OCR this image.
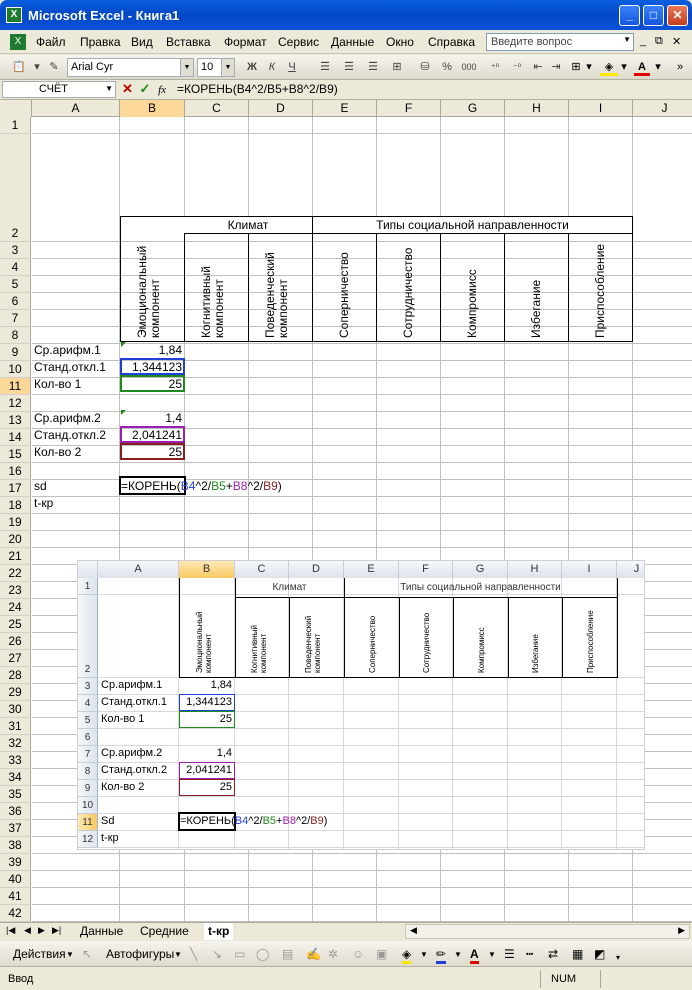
X Microsoft Excel - Книга1	_	□	✕
X	Файл Правка Вид Вставка Формат Сервис Данные Окно Справка	Введите вопрос	▼ _ ⧉ ✕
📋 ▾ ✎	Arial Cyr	▼ 10	▼ Ж	К	Ч	☰	☰	☰	⊞	⛁	%	000	⁺⁰	⁻⁰	⇤ ⇥ ⊞ ▾	◈ ▾	A ▾ »
СЧЁТ	▼ ✕ ✓ fx =КОРЕНЬ(B4^2/B5+B8^2/B9)
A	B	C	D	E	F	G	H	I	J
1
2
3
4
5
6
7
8
9
10
11
12
13
14
15
16
17
18
19
20
21
22
23
24
25
26
27
28
29
30
31
32
33
34
35
36
37
38
39
40
41
42
Климат	Типы социальной направленности
Эмоциональный компонент	Когнитивный компонент	Поведенческий компонент	Соперничество	Сотрудничество	Компромисс	Избегание	Приспособление
Ср.арифм.1
Станд.откл.1
Кол-во 1
Ср.арифм.2
Станд.откл.2
Кол-во 2
sd
t-кр
1,84
1,344123
25
1,4
2,041241
25
=КОРЕНЬ(B4^2/B5+B8^2/B9)
A	B	C	D	E	F	G	H	I	J
1
2
3
4
5
6
7
8
9
10
11
12
Климат	Типы социальной направленности
Эмоциональный компонент	Когнитивный компонент	Поведенческий компонент	Соперничество	Сотрудничество	Компромисс	Избегание	Приспособление
Ср.арифм.1
Станд.откл.1
Кол-во 1
Ср.арифм.2
Станд.откл.2
Кол-во 2
Sd
t-кр
1,84
1,344123
25
1,4
2,041241
25
=КОРЕНЬ(B4^2/B5+B8^2/B9)
|◀ ◀ ▶ ▶|	Данные	Средние	t-кр	◀	▶
Действия ▼ ↖ Автофигуры ▼ ╲ ↘ ▭ ◯ ▤ ✍ ✲ ☺ ▣ ◈ ▼ ✏ ▼ A ▼ ☰ ┅ ⇄ ▦ ◩ ▾
Ввод	NUM
